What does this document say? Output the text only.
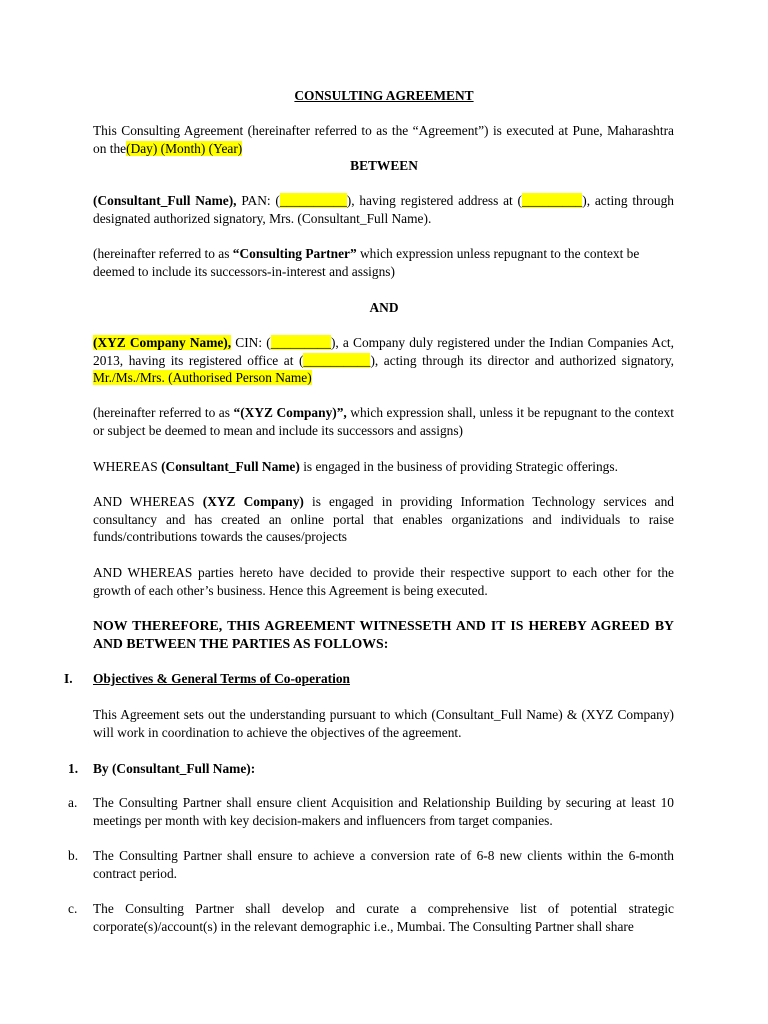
CONSULTING AGREEMENT

This Consulting Agreement (hereinafter referred to as the “Agreement”) is executed at Pune, Maharashtra on the(Day) (Month) (Year)

BETWEEN

(Consultant_Full Name), PAN: (__________), having registered address at (_________), acting through designated authorized signatory, Mrs. (Consultant_Full Name).

(hereinafter referred to as “Consulting Partner” which expression unless repugnant to the context be deemed to include its successors-in-interest and assigns)

AND

(XYZ Company Name), CIN: (_________), a Company duly registered under the Indian Companies Act, 2013, having its registered office at (__________), acting through its director and authorized signatory, Mr./Ms./Mrs. (Authorised Person Name)

(hereinafter referred to as “(XYZ Company)”, which expression shall, unless it be repugnant to the context or subject be deemed to mean and include its successors and assigns)

WHEREAS (Consultant_Full Name) is engaged in the business of providing Strategic offerings.

AND WHEREAS (XYZ Company) is engaged in providing Information Technology services and consultancy and has created an online portal that enables organizations and individuals to raise funds/contributions towards the causes/projects

AND WHEREAS parties hereto have decided to provide their respective support to each other for the growth of each other’s business. Hence this Agreement is being executed.

NOW THEREFORE, THIS AGREEMENT WITNESSETH AND IT IS HEREBY AGREED BY AND BETWEEN THE PARTIES AS FOLLOWS:

I. Objectives & General Terms of Co-operation

This Agreement sets out the understanding pursuant to which (Consultant_Full Name) & (XYZ Company) will work in coordination to achieve the objectives of the agreement.

1. By (Consultant_Full Name):
a. The Consulting Partner shall ensure client Acquisition and Relationship Building by securing at least 10 meetings per month with key decision-makers and influencers from target companies.

b. The Consulting Partner shall ensure to achieve a conversion rate of 6-8 new clients within the 6-month contract period.

c. The Consulting Partner shall develop and curate a comprehensive list of potential strategic corporate(s)/account(s) in the relevant demographic i.e., Mumbai. The Consulting Partner shall share
